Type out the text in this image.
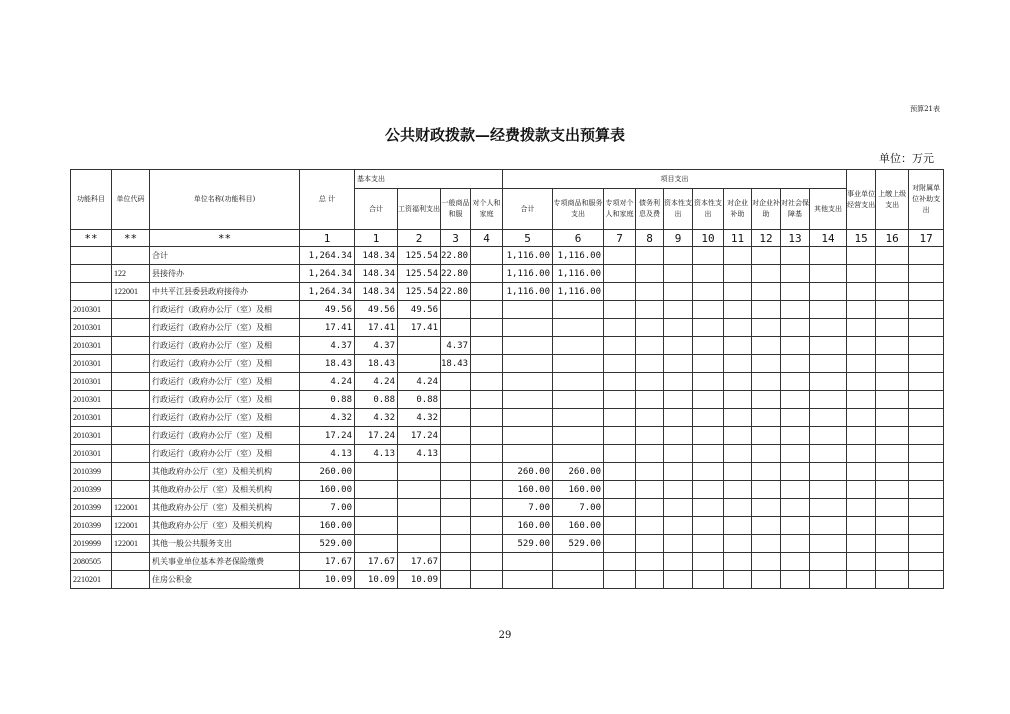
预算21表
公共财政拨款—经费拨款支出预算表
单位：万元
功能科目	单位代码	单位名称(功能科目)	总 计	基本支出				项目支出										事业单位经营支出	上缴上级支出	对附属单位补助支出
				合计	工资福利支出	一般商品和服	对个人和家庭	合计	专项商品和服务支出	专项对个人和家庭	债务利息及费	资本性支出	资本性支出	对企业补助	对企业补助	对社会保障基	其他支出			
**	**	**	1	1	2	3	4	5	6	7	8	9	10	11	12	13	14	15	16	17
		合计	1,264.34	148.34	125.54	22.80		1,116.00	1,116.00											
	122	县接待办	1,264.34	148.34	125.54	22.80		1,116.00	1,116.00											
	122001	中共平江县委县政府接待办	1,264.34	148.34	125.54	22.80		1,116.00	1,116.00											
2010301		行政运行（政府办公厅（室）及相	49.56	49.56	49.56															
2010301		行政运行（政府办公厅（室）及相	17.41	17.41	17.41															
2010301		行政运行（政府办公厅（室）及相	4.37	4.37		4.37														
2010301		行政运行（政府办公厅（室）及相	18.43	18.43		18.43														
2010301		行政运行（政府办公厅（室）及相	4.24	4.24	4.24															
2010301		行政运行（政府办公厅（室）及相	0.88	0.88	0.88															
2010301		行政运行（政府办公厅（室）及相	4.32	4.32	4.32															
2010301		行政运行（政府办公厅（室）及相	17.24	17.24	17.24															
2010301		行政运行（政府办公厅（室）及相	4.13	4.13	4.13															
2010399		其他政府办公厅（室）及相关机构	260.00					260.00	260.00											
2010399		其他政府办公厅（室）及相关机构	160.00					160.00	160.00											
2010399	122001	其他政府办公厅（室）及相关机构	7.00					7.00	7.00											
2010399	122001	其他政府办公厅（室）及相关机构	160.00					160.00	160.00											
2019999	122001	其他一般公共服务支出	529.00					529.00	529.00											
2080505		机关事业单位基本养老保险缴费	17.67	17.67	17.67															
2210201		住房公积金	10.09	10.09	10.09															
29
